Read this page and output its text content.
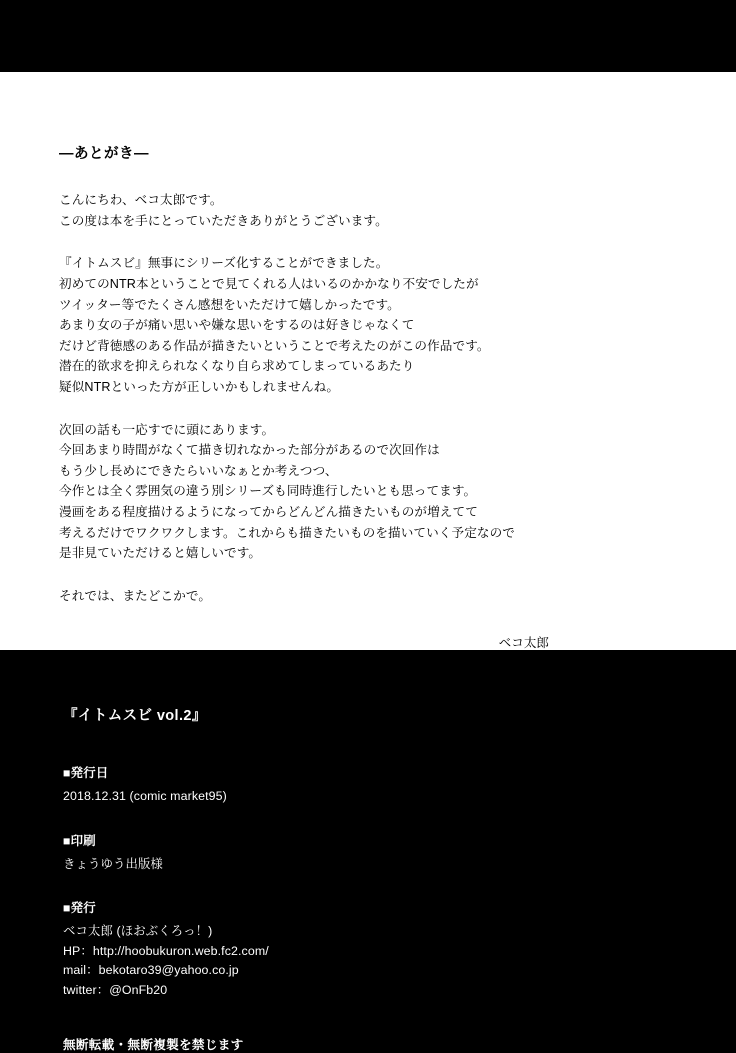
―あとがき―
こんにちわ、ベコ太郎です。
この度は本を手にとっていただきありがとうございます。
『イトムスビ』無事にシリーズ化することができました。
初めてのNTR本ということで見てくれる人はいるのかかなり不安でしたが
ツイッター等でたくさん感想をいただけて嬉しかったです。
あまり女の子が痛い思いや嫌な思いをするのは好きじゃなくて
だけど背徳感のある作品が描きたいということで考えたのがこの作品です。
潜在的欲求を抑えられなくなり自ら求めてしまっているあたり
疑似NTRといった方が正しいかもしれませんね。
次回の話も一応すでに頭にあります。
今回あまり時間がなくて描き切れなかった部分があるので次回作は
もう少し長めにできたらいいなぁとか考えつつ、
今作とは全く雰囲気の違う別シリーズも同時進行したいとも思ってます。
漫画をある程度描けるようになってからどんどん描きたいものが増えてて
考えるだけでワクワクします。これからも描きたいものを描いていく予定なので
是非見ていただけると嬉しいです。
それでは、またどこかで。
ベコ太郎
『イトムスビ vol.2』
■発行日
2018.12.31 (comic market95)
■印刷
きょうゆう出版様
■発行
ベコ太郎 (ほおぶくろっ！)
HP：http://hoobukuron.web.fc2.com/
mail：bekotaro39@yahoo.co.jp
twitter：@OnFb20
無断転載・無断複製を禁じます
